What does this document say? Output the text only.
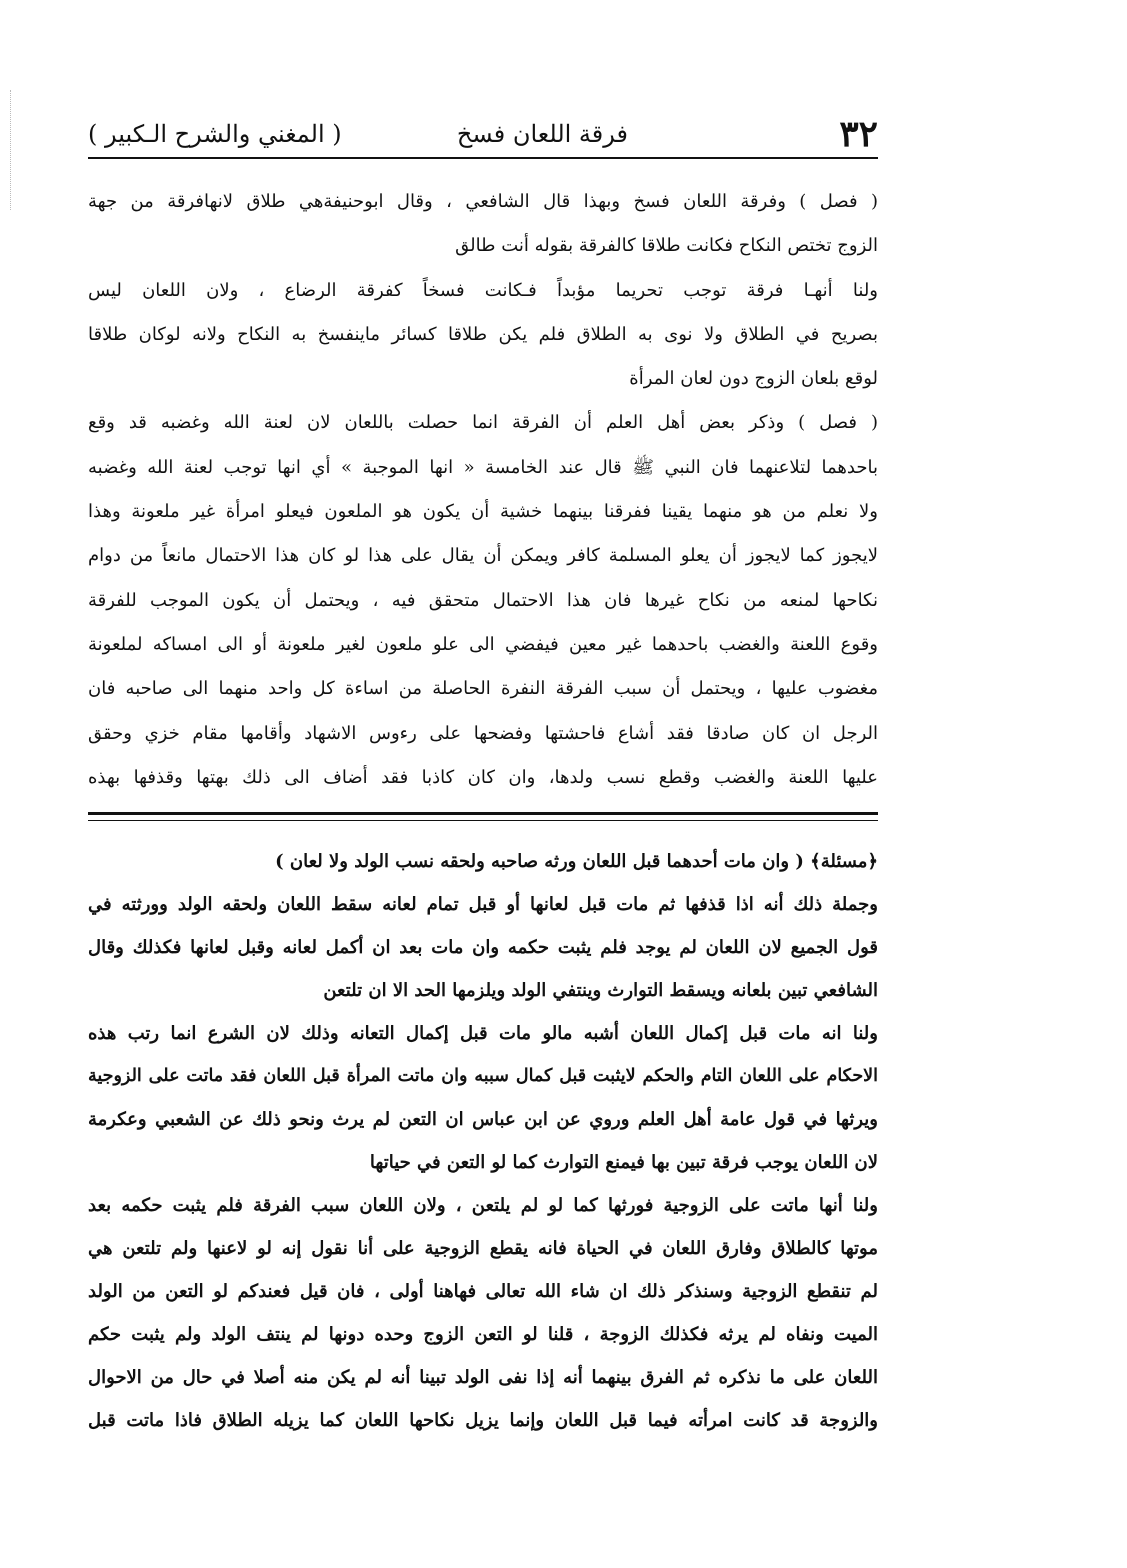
٣٢
فرقة اللعان فسخ
( المغني والشرح الـكبير )
( فصل ) وفرقة اللعان فسخ وبهذا قال الشافعي ، وقال ابوحنيفةهي طلاق لانهافرقة من جهة
الزوج تختص النكاح فكانت طلاقا كالفرقة بقوله أنت طالق
ولنا أنهـا فرقة توجب تحريما مؤبداً فـكانت فسخاً كفرقة الرضاع ، ولان اللعان ليس
بصريح في الطلاق ولا نوى به الطلاق فلم يكن طلاقا كسائر ماينفسخ به النكاح ولانه لوكان طلاقا
لوقع بلعان الزوج دون لعان المرأة
( فصل ) وذكر بعض أهل العلم أن الفرقة انما حصلت باللعان لان لعنة الله وغضبه قد وقع
باحدهما لتلاعنهما فان النبي ﷺ قال عند الخامسة « انها الموجبة » أي انها توجب لعنة الله وغضبه
ولا نعلم من هو منهما يقينا ففرقنا بينهما خشية أن يكون هو الملعون فيعلو امرأة غير ملعونة وهذا
لايجوز كما لايجوز أن يعلو المسلمة كافر ويمكن أن يقال على هذا لو كان هذا الاحتمال مانعاً من دوام
نكاحها لمنعه من نكاح غيرها فان هذا الاحتمال متحقق فيه ، ويحتمل أن يكون الموجب للفرقة
وقوع اللعنة والغضب باحدهما غير معين فيفضي الى علو ملعون لغير ملعونة أو الى امساكه لملعونة
مغضوب عليها ، ويحتمل أن سبب الفرقة النفرة الحاصلة من اساءة كل واحد منهما الى صاحبه فان
الرجل ان كان صادقا فقد أشاع فاحشتها وفضحها على رءوس الاشهاد وأقامها مقام خزي وحقق
عليها اللعنة والغضب وقطع نسب ولدها، وان كان كاذبا فقد أضاف الى ذلك بهتها وقذفها بهذه
﴿مسئلة﴾ ( وان مات أحدهما قبل اللعان ورثه صاحبه ولحقه نسب الولد ولا لعان )
وجملة ذلك أنه اذا قذفها ثم مات قبل لعانها أو قبل تمام لعانه سقط اللعان ولحقه الولد وورثته في
قول الجميع لان اللعان لم يوجد فلم يثبت حكمه وان مات بعد ان أكمل لعانه وقبل لعانها فكذلك وقال
الشافعي تبين بلعانه ويسقط التوارث وينتفي الولد ويلزمها الحد الا ان تلتعن
ولنا انه مات قبل إكمال اللعان أشبه مالو مات قبل إكمال التعانه وذلك لان الشرع انما رتب هذه
الاحكام على اللعان التام والحكم لايثبت قبل كمال سببه وان ماتت المرأة قبل اللعان فقد ماتت على الزوجية
ويرثها في قول عامة أهل العلم وروي عن ابن عباس ان التعن لم يرث ونحو ذلك عن الشعبي وعكرمة
لان اللعان يوجب فرقة تبين بها فيمنع التوارث كما لو التعن في حياتها
ولنا أنها ماتت على الزوجية فورثها كما لو لم يلتعن ، ولان اللعان سبب الفرقة فلم يثبت حكمه بعد
موتها كالطلاق وفارق اللعان في الحياة فانه يقطع الزوجية على أنا نقول إنه لو لاعنها ولم تلتعن هي
لم تنقطع الزوجية وسنذكر ذلك ان شاء الله تعالى فهاهنا أولى ، فان قيل فعندكم لو التعن من الولد
الميت ونفاه لم يرثه فكذلك الزوجة ، قلنا لو التعن الزوج وحده دونها لم ينتف الولد ولم يثبت حكم
اللعان على ما نذكره ثم الفرق بينهما أنه إذا نفى الولد تبينا أنه لم يكن منه أصلا في حال من الاحوال
والزوجة قد كانت امرأته فيما قبل اللعان وإنما يزيل نكاحها اللعان كما يزيله الطلاق فاذا ماتت قبل
